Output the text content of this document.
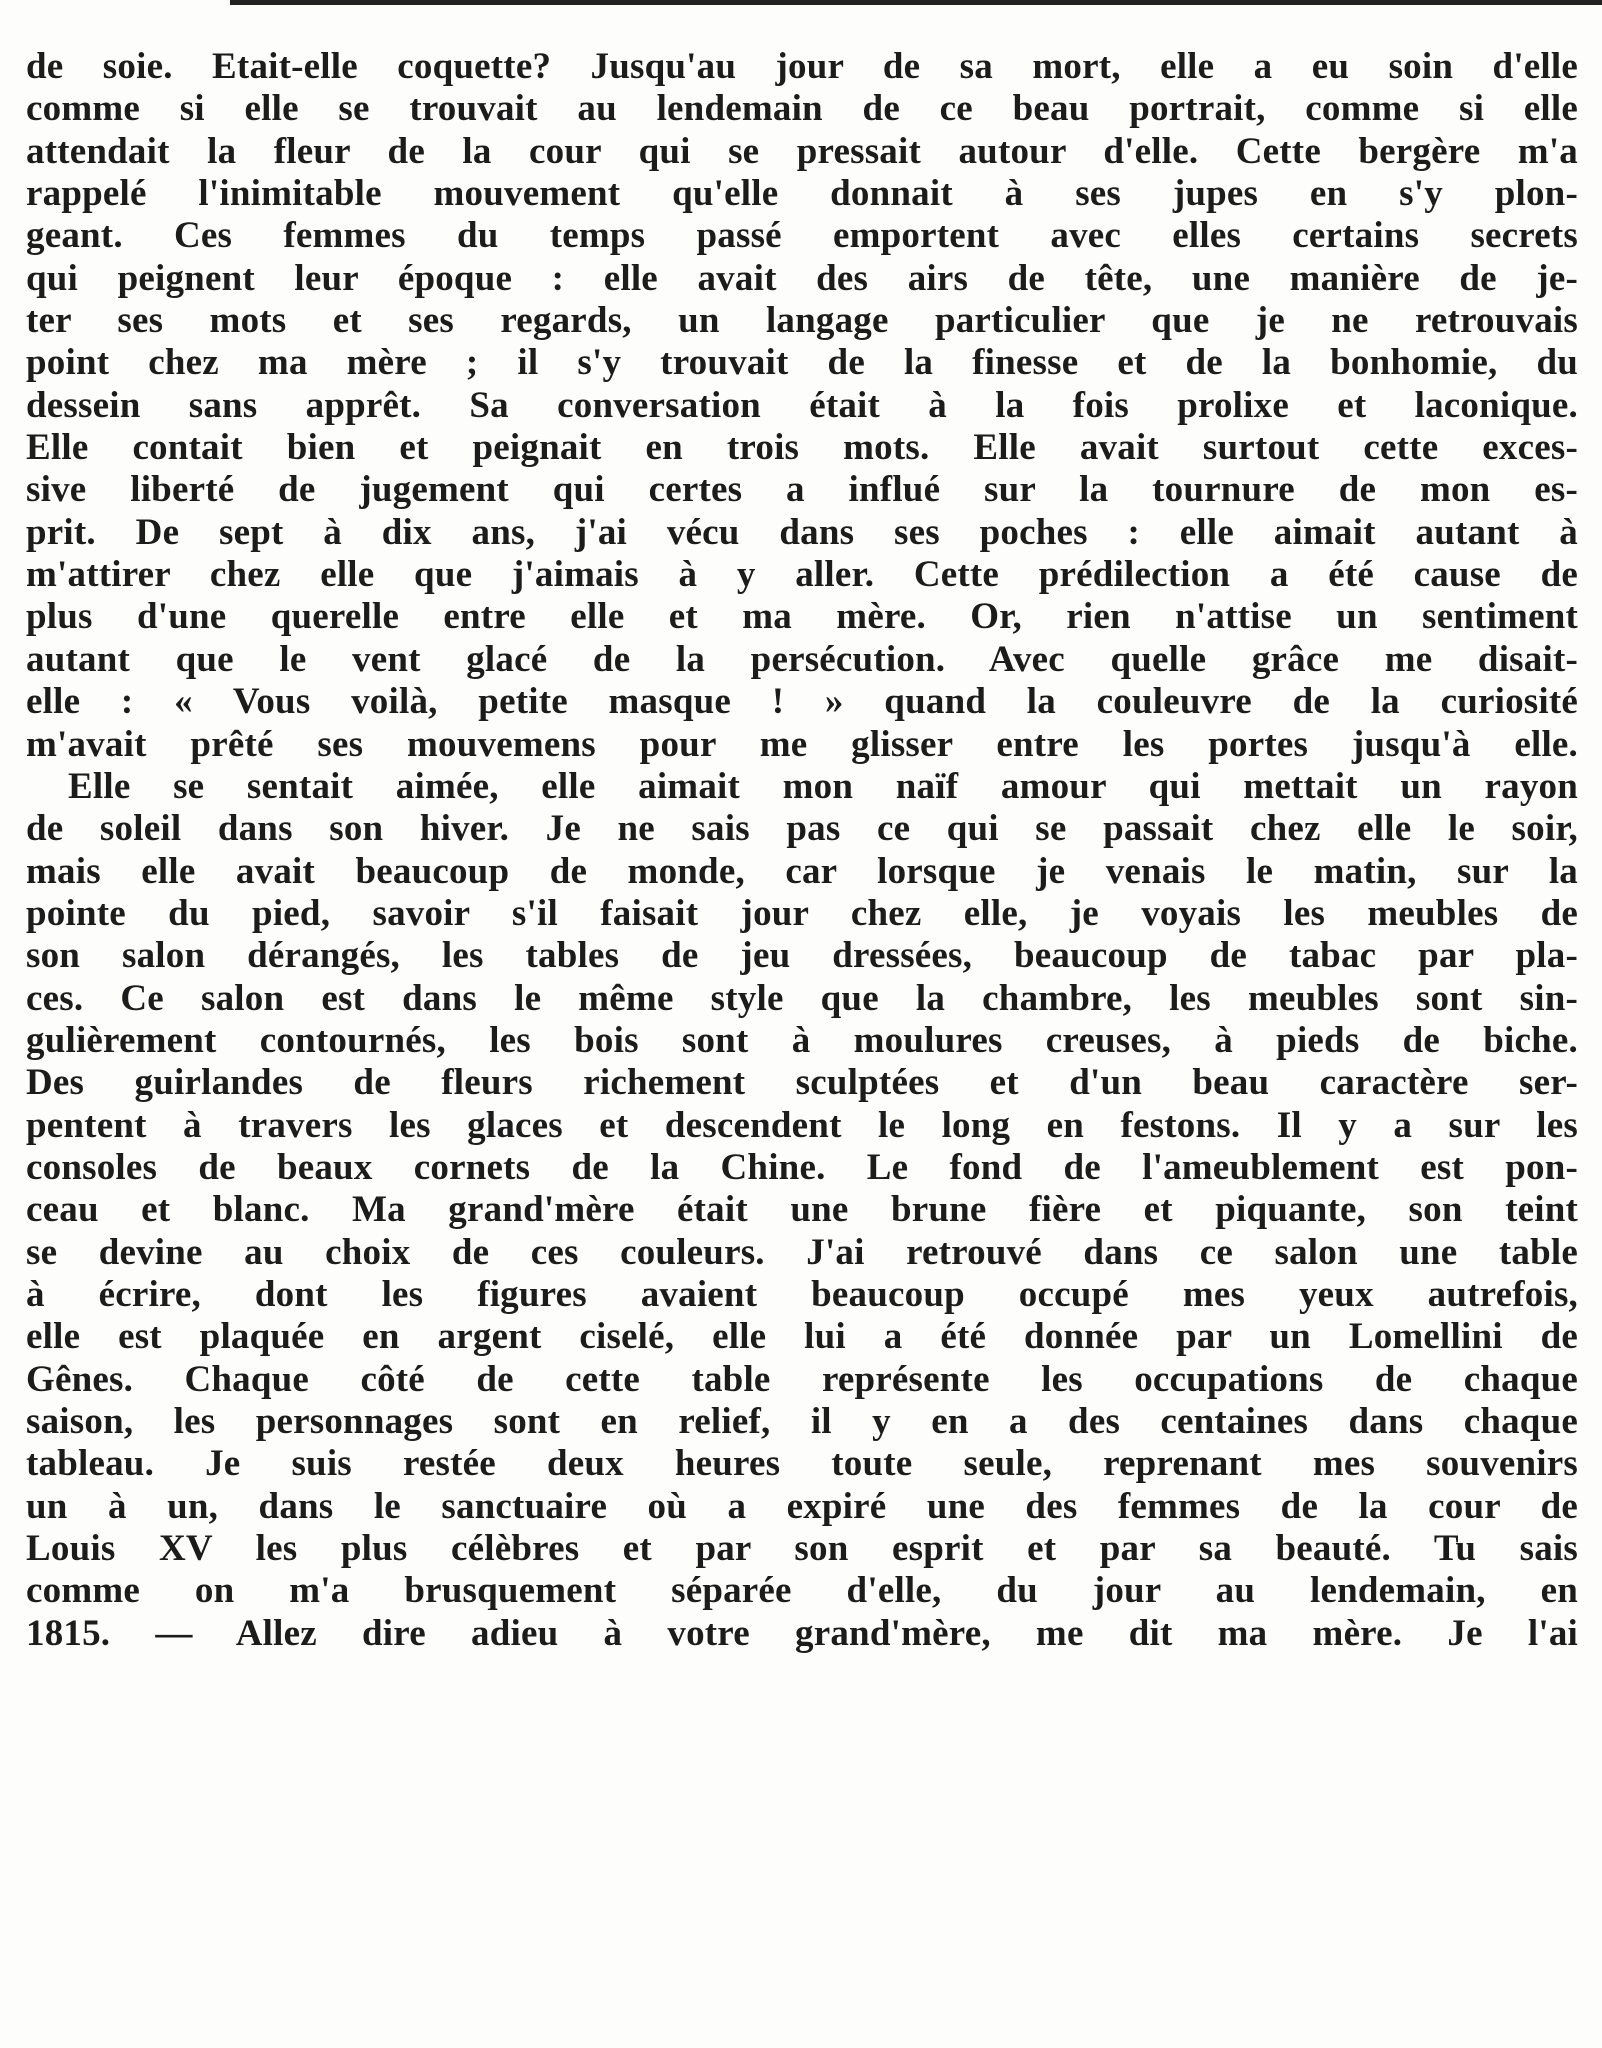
de soie. Etait-elle coquette? Jusqu'au jour de sa mort, elle a eu soin d'elle
comme si elle se trouvait au lendemain de ce beau portrait, comme si elle
attendait la fleur de la cour qui se pressait autour d'elle. Cette bergère m'a
rappelé l'inimitable mouvement qu'elle donnait à ses jupes en s'y plon-
geant. Ces femmes du temps passé emportent avec elles certains secrets
qui peignent leur époque : elle avait des airs de tête, une manière de je-
ter ses mots et ses regards, un langage particulier que je ne retrouvais
point chez ma mère ; il s'y trouvait de la finesse et de la bonhomie, du
dessein sans apprêt. Sa conversation était à la fois prolixe et laconique.
Elle contait bien et peignait en trois mots. Elle avait surtout cette exces-
sive liberté de jugement qui certes a influé sur la tournure de mon es-
prit. De sept à dix ans, j'ai vécu dans ses poches : elle aimait autant à
m'attirer chez elle que j'aimais à y aller. Cette prédilection a été cause de
plus d'une querelle entre elle et ma mère. Or, rien n'attise un sentiment
autant que le vent glacé de la persécution. Avec quelle grâce me disait-
elle : « Vous voilà, petite masque ! » quand la couleuvre de la curiosité
m'avait prêté ses mouvemens pour me glisser entre les portes jusqu'à elle.
Elle se sentait aimée, elle aimait mon naïf amour qui mettait un rayon
de soleil dans son hiver. Je ne sais pas ce qui se passait chez elle le soir,
mais elle avait beaucoup de monde, car lorsque je venais le matin, sur la
pointe du pied, savoir s'il faisait jour chez elle, je voyais les meubles de
son salon dérangés, les tables de jeu dressées, beaucoup de tabac par pla-
ces. Ce salon est dans le même style que la chambre, les meubles sont sin-
gulièrement contournés, les bois sont à moulures creuses, à pieds de biche.
Des guirlandes de fleurs richement sculptées et d'un beau caractère ser-
pentent à travers les glaces et descendent le long en festons. Il y a sur les
consoles de beaux cornets de la Chine. Le fond de l'ameublement est pon-
ceau et blanc. Ma grand'mère était une brune fière et piquante, son teint
se devine au choix de ces couleurs. J'ai retrouvé dans ce salon une table
à écrire, dont les figures avaient beaucoup occupé mes yeux autrefois,
elle est plaquée en argent ciselé, elle lui a été donnée par un Lomellini de
Gênes. Chaque côté de cette table représente les occupations de chaque
saison, les personnages sont en relief, il y en a des centaines dans chaque
tableau. Je suis restée deux heures toute seule, reprenant mes souvenirs
un à un, dans le sanctuaire où a expiré une des femmes de la cour de
Louis XV les plus célèbres et par son esprit et par sa beauté. Tu sais
comme on m'a brusquement séparée d'elle, du jour au lendemain, en
1815. — Allez dire adieu à votre grand'mère, me dit ma mère. Je l'ai
